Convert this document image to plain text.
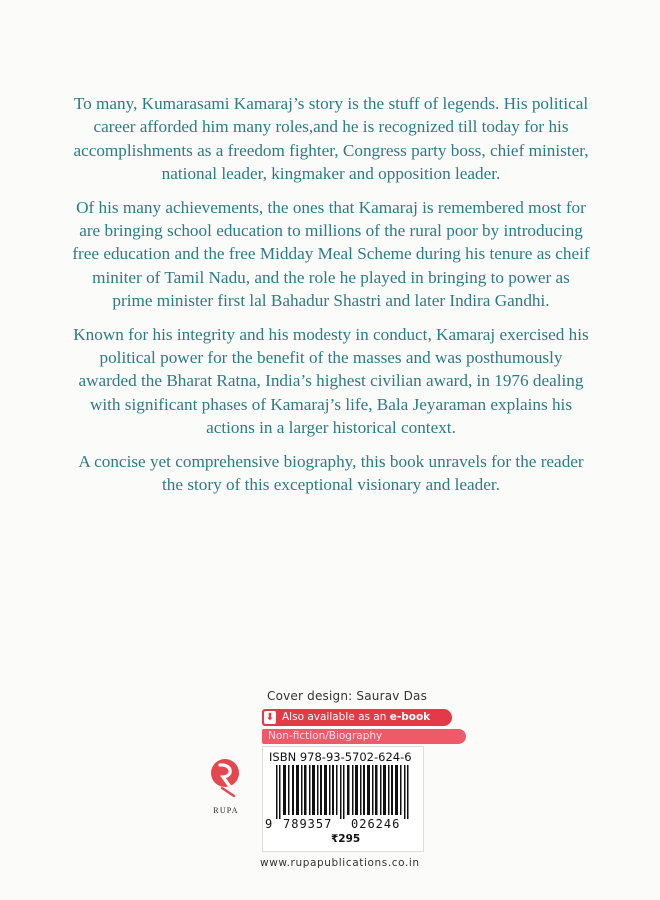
To many, Kumarasami Kamaraj’s story is the stuff of legends. His political career afforded him many roles,and he is recognized till today for his accomplishments as a freedom fighter, Congress party boss, chief minister, national leader, kingmaker and opposition leader.

Of his many achievements, the ones that Kamaraj is remembered most for are bringing school education to millions of the rural poor by introducing free education and the free Midday Meal Scheme during his tenure as cheif miniter of Tamil Nadu, and the role he played in bringing to power as prime minister first lal Bahadur Shastri and later Indira Gandhi.

Known for his integrity and his modesty in conduct, Kamaraj exercised his political power for the benefit of the masses and was posthumously awarded the Bharat Ratna, India’s highest civilian award, in 1976 dealing with significant phases of Kamaraj’s life, Bala Jeyaraman explains his actions in a larger historical context.

A concise yet comprehensive biography, this book unravels for the reader the story of this exceptional visionary and leader.

Cover design: Saurav Das
⬇ Also available as an e-book
Non-fiction/Biography
ISBN 978-93-5702-624-6
9 789357 026246
₹295
RUPA
www.rupapublications.co.in
